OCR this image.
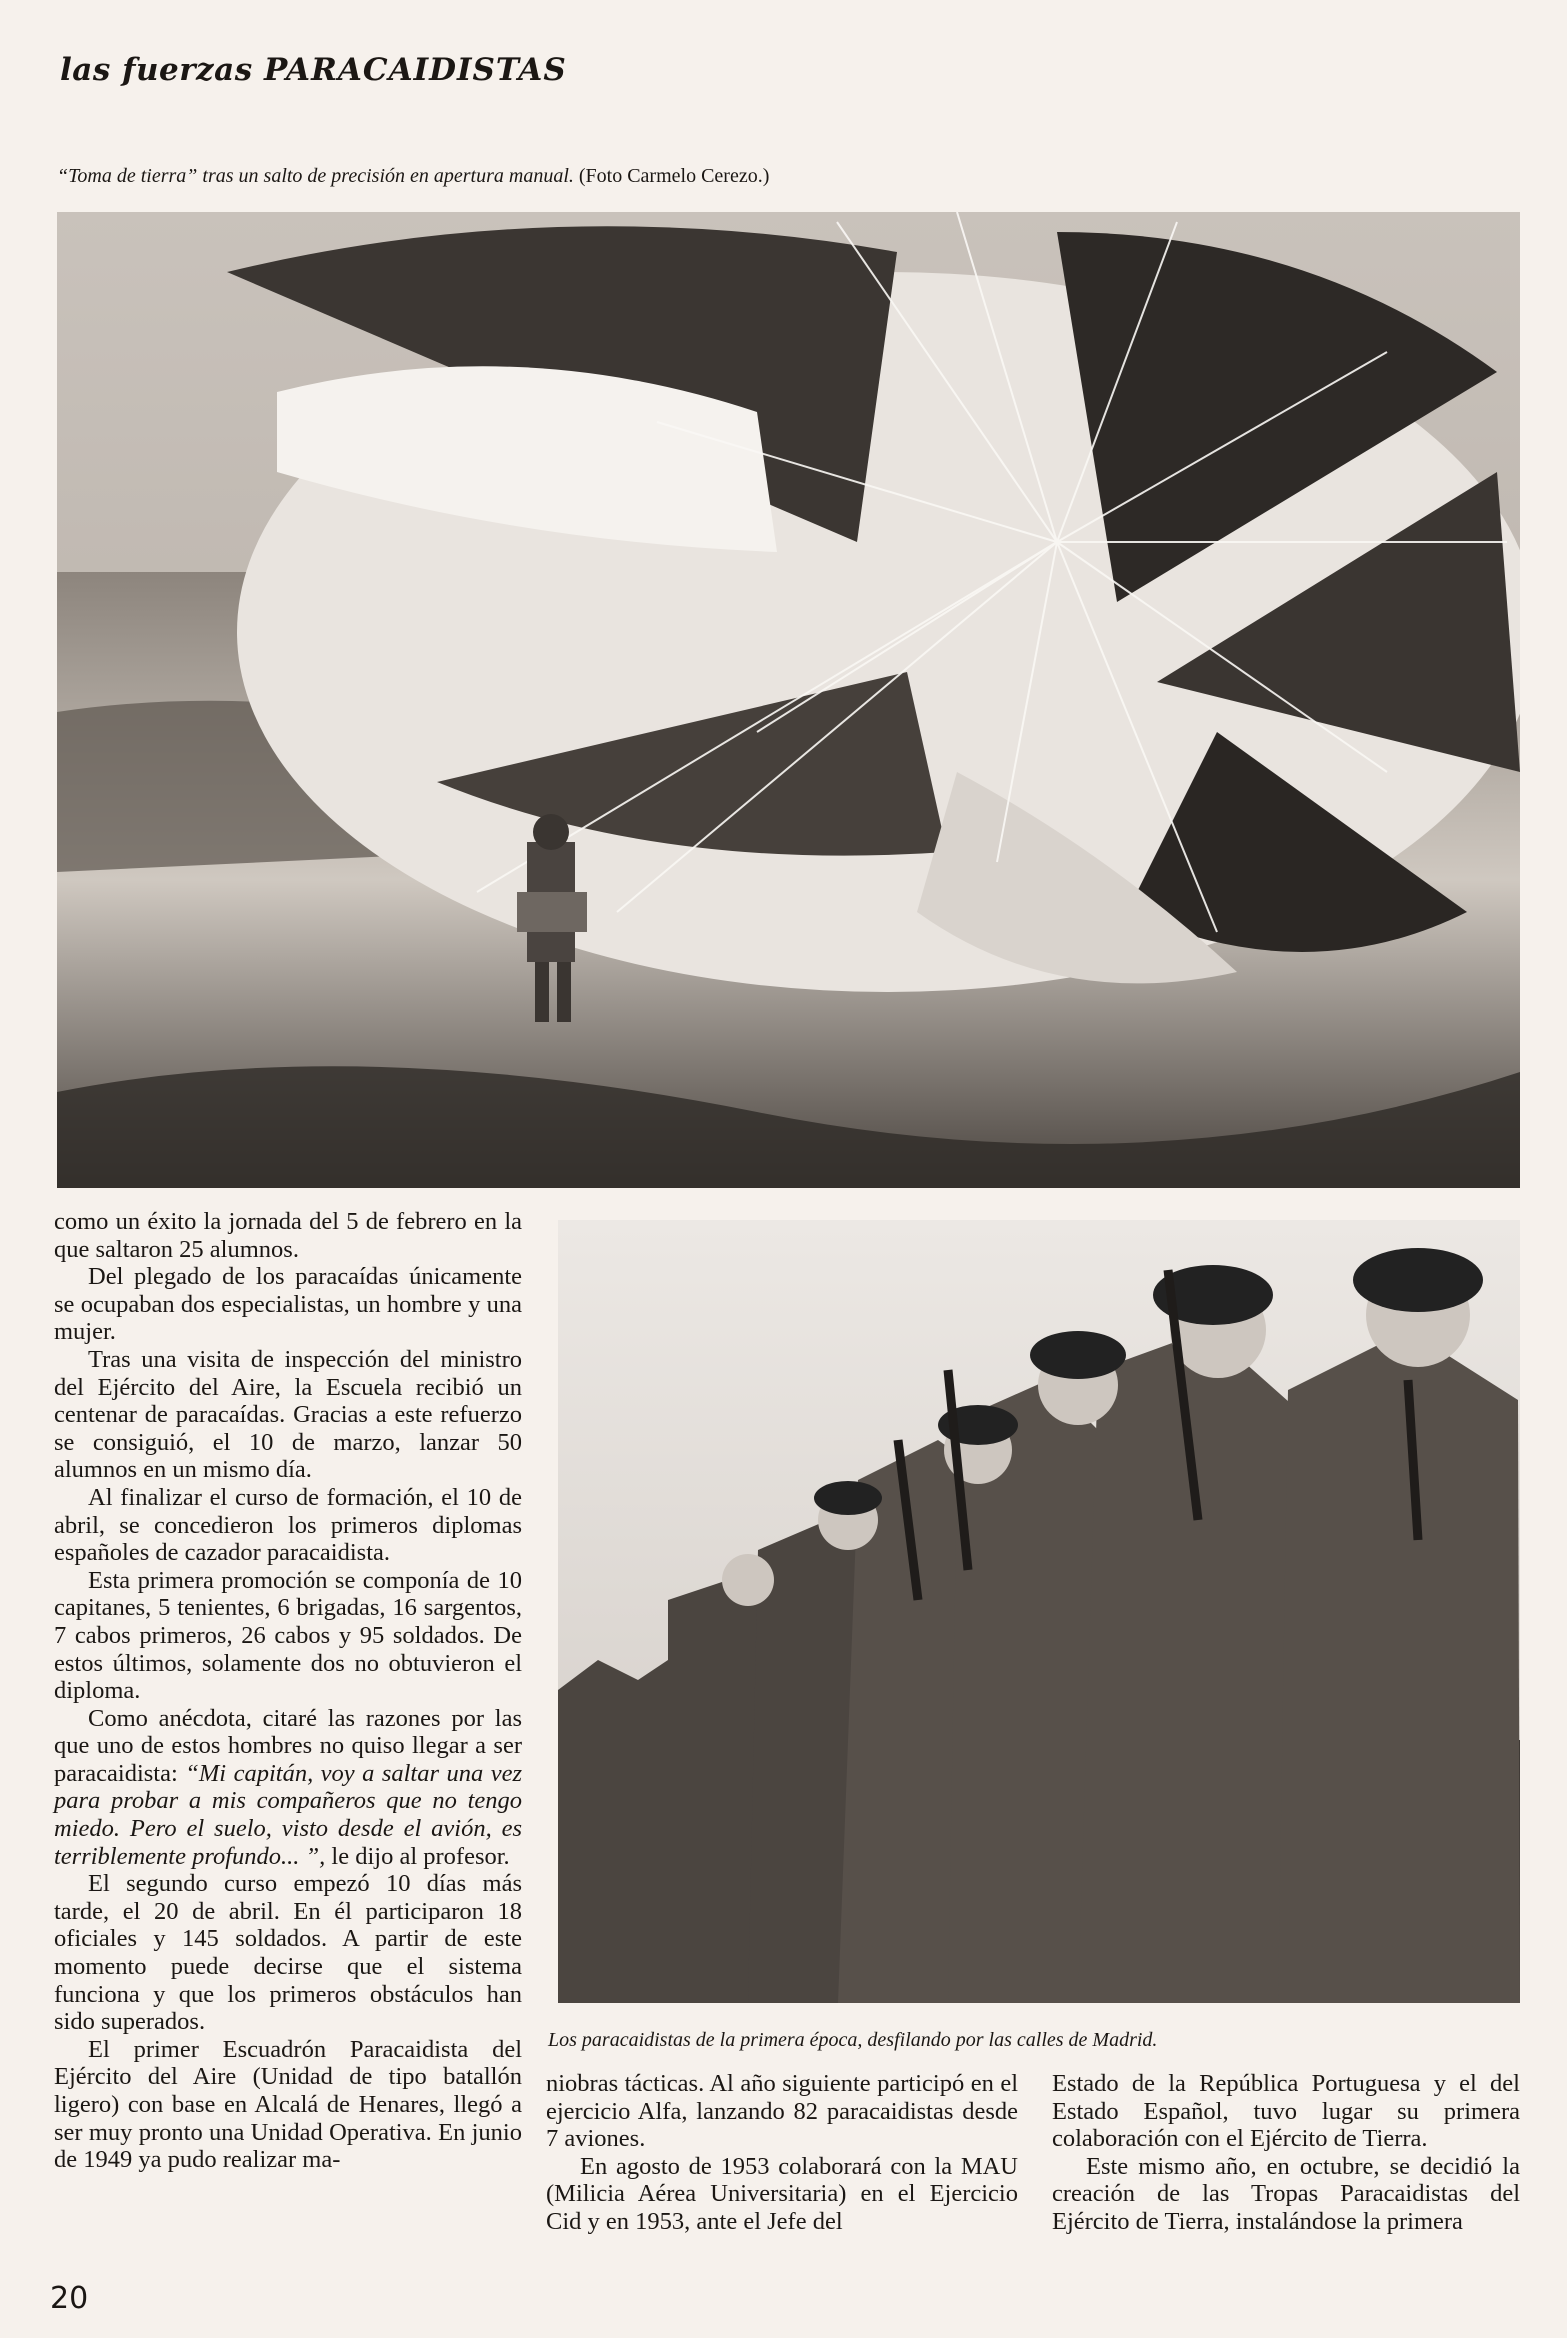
las fuerzas PARACAIDISTAS
“Toma de tierra” tras un salto de precisión en apertura manual. (Foto Carmelo Cerezo.)

como un éxito la jornada del 5 de febrero en la que saltaron 25 alumnos.

Del plegado de los paracaídas únicamente se ocupaban dos especialistas, un hombre y una mujer.

Tras una visita de inspección del ministro del Ejército del Aire, la Escuela recibió un centenar de paracaídas. Gracias a este refuerzo se consiguió, el 10 de marzo, lanzar 50 alumnos en un mismo día.

Al finalizar el curso de formación, el 10 de abril, se concedieron los primeros diplomas españoles de cazador paracaidista.

Esta primera promoción se componía de 10 capitanes, 5 tenientes, 6 brigadas, 16 sargentos, 7 cabos primeros, 26 cabos y 95 soldados. De estos últimos, solamente dos no obtuvieron el diploma.

Como anécdota, citaré las razones por las que uno de estos hombres no quiso llegar a ser paracaidista: “Mi capitán, voy a saltar una vez para probar a mis compañeros que no tengo miedo. Pero el suelo, visto desde el avión, es terriblemente profundo... ”, le dijo al profesor.

El segundo curso empezó 10 días más tarde, el 20 de abril. En él participaron 18 oficiales y 145 soldados. A partir de este momento puede decirse que el sistema funciona y que los primeros obstáculos han sido superados.

El primer Escuadrón Paracaidista del Ejército del Aire (Unidad de tipo batallón ligero) con base en Alcalá de Henares, llegó a ser muy pronto una Unidad Operativa. En junio de 1949 ya pudo realizar ma-

Los paracaidistas de la primera época, desfilando por las calles de Madrid.

niobras tácticas. Al año siguiente participó en el ejercicio Alfa, lanzando 82 paracaidistas desde 7 aviones.

En agosto de 1953 colaborará con la MAU (Milicia Aérea Universitaria) en el Ejercicio Cid y en 1953, ante el Jefe del

Estado de la República Portuguesa y el del Estado Español, tuvo lugar su primera colaboración con el Ejército de Tierra.

Este mismo año, en octubre, se decidió la creación de las Tropas Paracaidistas del Ejército de Tierra, instalándose la primera

20
